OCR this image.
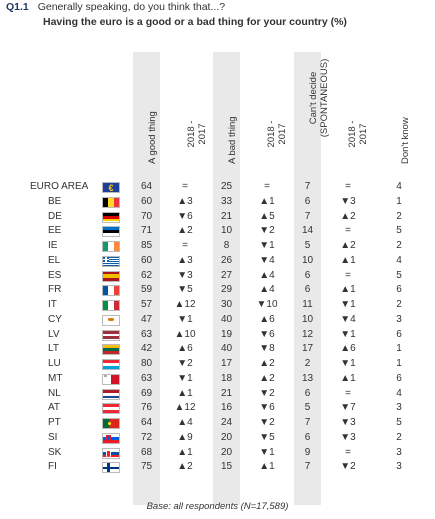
Q1.1 Generally speaking, do you think that...?
Having the euro is a good or a bad thing for your country (%)
A good thing	2018 - 2017 A bad thing	2018 - 2017
Can't decide (SPONTANEOUS) 2018 - 2017	Don't know
EURO AREA	€	64	=	25	=	7	=	4
BE	60	▲3	33	▲1	6	▼3	1
DE	70	▼6	21	▲5	7	▲2	2
EE	71	▲2	10	▼2	14	=	5
IE	85	=	8	▼1	5	▲2	2
EL	60	▲3	26	▼4	10	▲1	4
ES	62	▼3	27	▲4	6	=	5
FR	59	▼5	29	▲4	6	▲1	6
IT	57	▲12	30	▼10	11	▼1	2
CY	47	▼1	40	▲6	10	▼4	3
LV	63	▲10	19	▼6	12	▼1	6
LT	42	▲6	40	▼8	17	▲6	1
LU	80	▼2	17	▲2	2	▼1	1
MT	63	▼1	18	▲2	13	▲1	6
NL	69	▲1	21	▼2	6	=	4
AT	76	▲12	16	▼6	5	▼7	3
PT	64	▲4	24	▼2	7	▼3	5
SI	72	▲9	20	▼5	6	▼3	2
SK	68	▲1	20	▼1	9	=	3
FI	75	▲2	15	▲1	7	▼2	3
Base: all respondents (N=17,589)
